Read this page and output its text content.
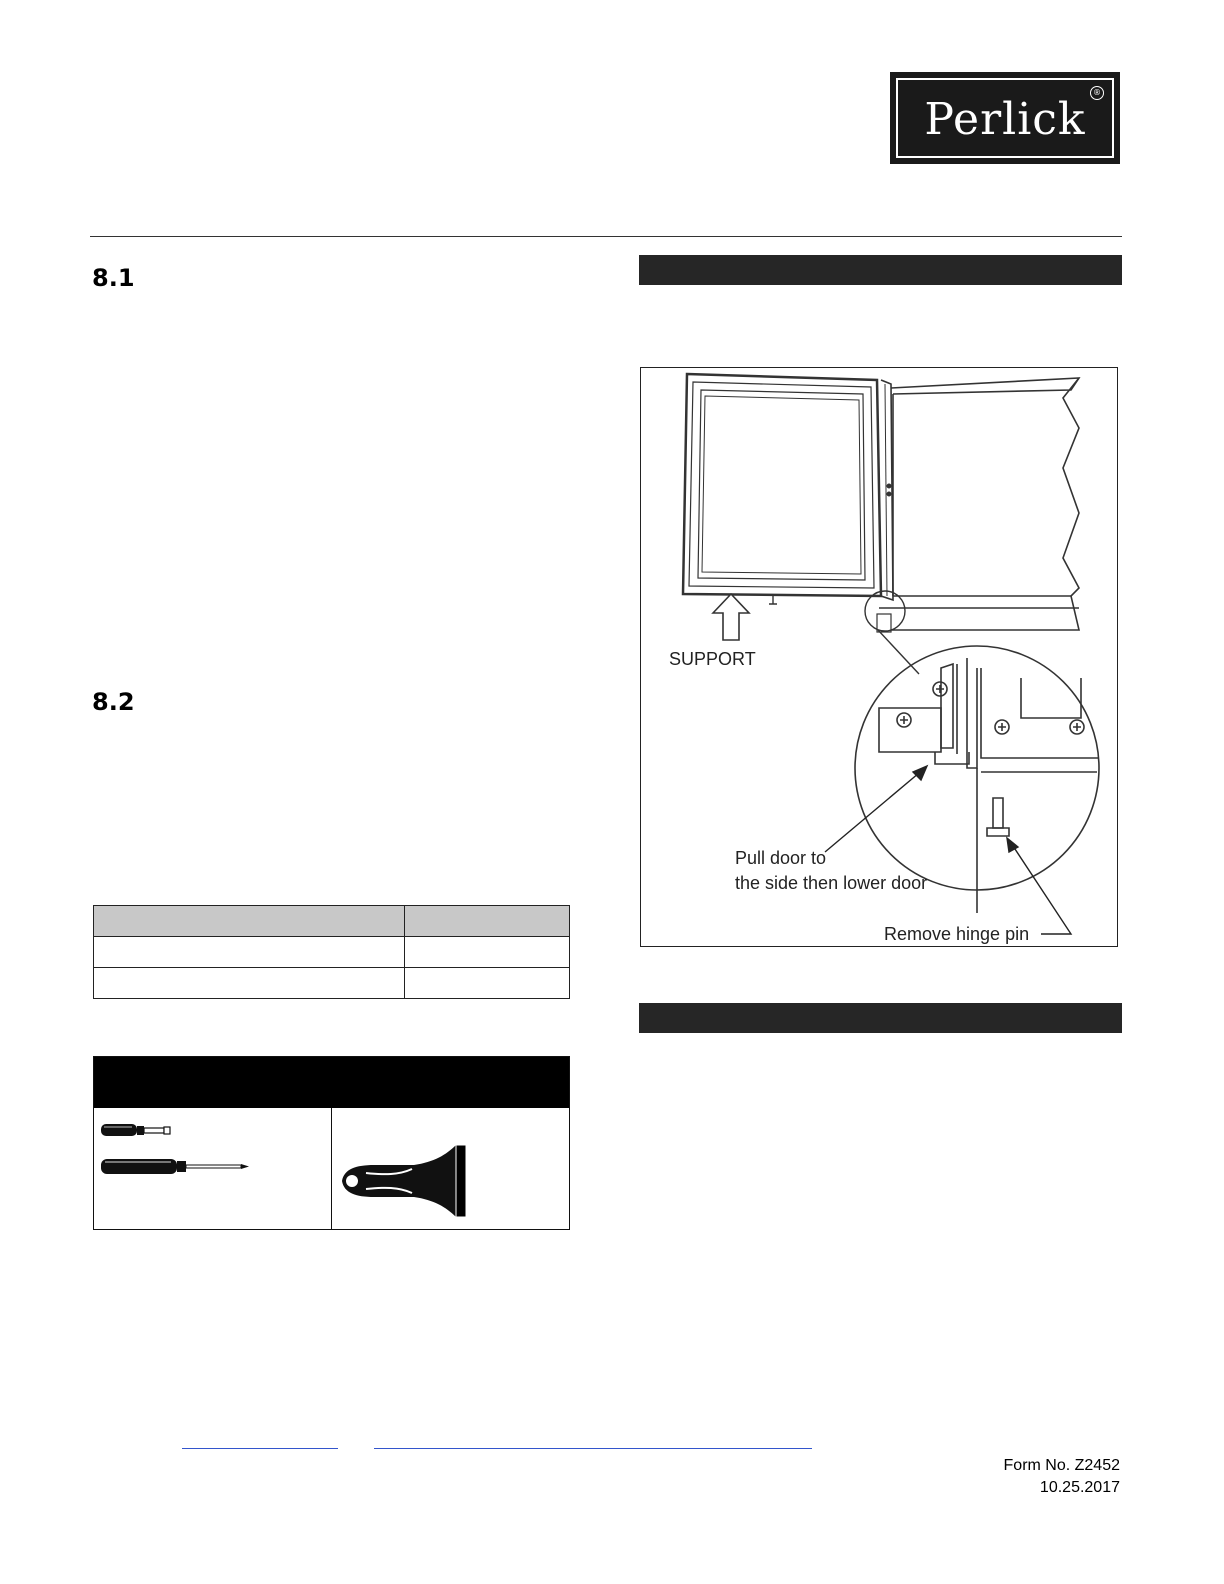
Perlick
®
8.1
8.2

SUPPORT
Pull door to
the side then lower door
Remove hinge pin
Form No. Z2452
10.25.2017
